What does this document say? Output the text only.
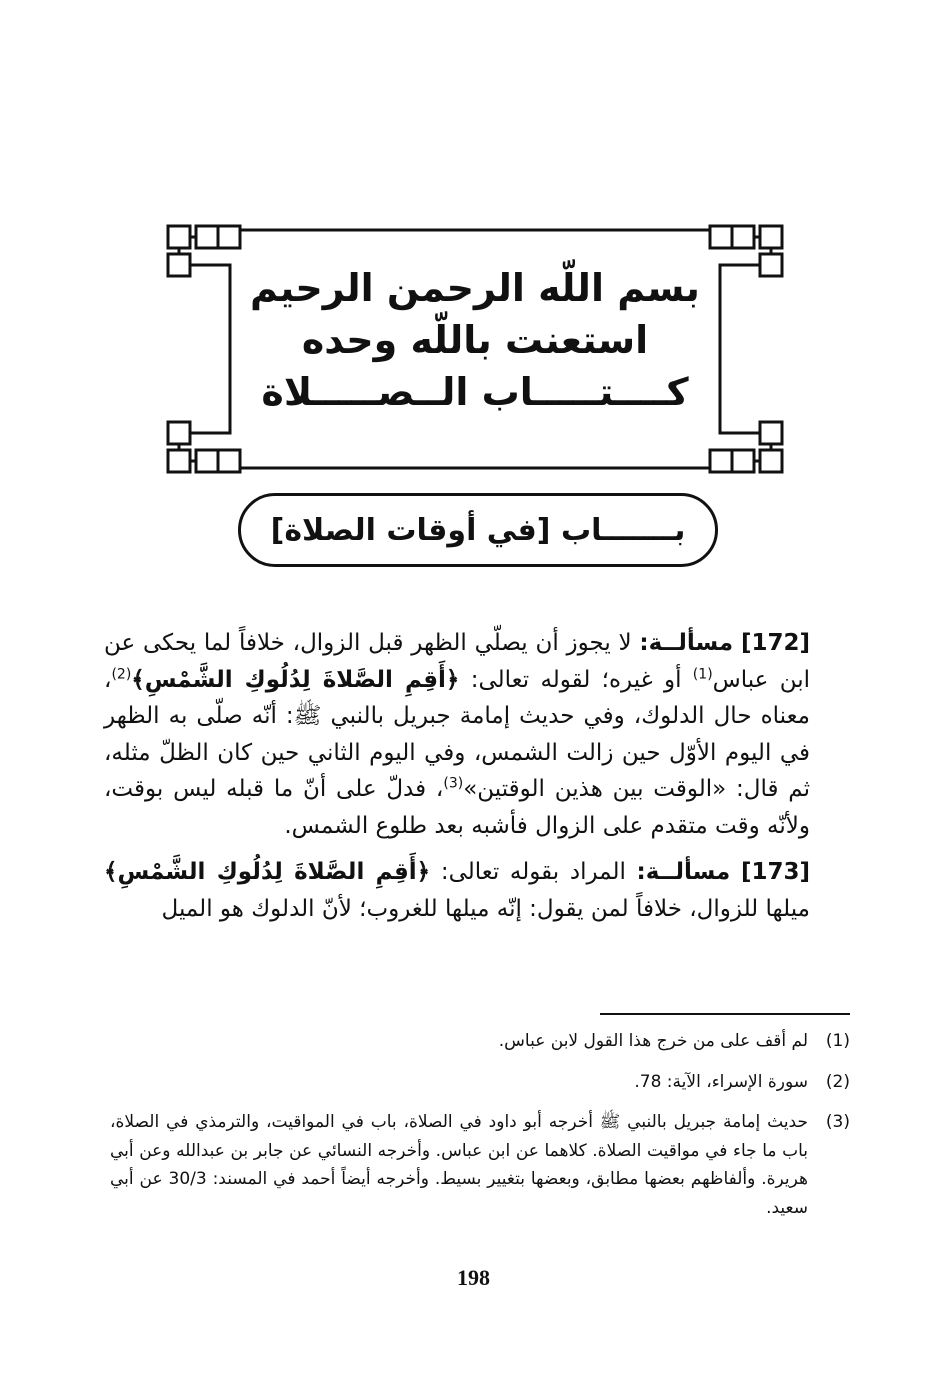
بسم اللّه الرحمن الرحيم
استعنت باللّه وحده
كــــتـــــاب الــصـــــلاة
بـــــــاب [في أوقات الصلاة]

[172] مسألــة: لا يجوز أن يصلّي الظهر قبل الزوال، خلافاً لما يحكى عن ابن عباس$^{(1)}$ أو غيره؛ لقوله تعالى: ﴿أَقِمِ الصَّلاةَ لِدُلُوكِ الشَّمْسِ﴾$^{(2)}$، معناه حال الدلوك، وفي حديث إمامة جبريل بالنبي ﷺ: أنّه صلّى به الظهر في اليوم الأوّل حين زالت الشمس، وفي اليوم الثاني حين كان الظلّ مثله، ثم قال: «الوقت بين هذين الوقتين»$^{(3)}$، فدلّ على أنّ ما قبله ليس بوقت، ولأنّه وقت متقدم على الزوال فأشبه بعد طلوع الشمس.

[173] مسألــة: المراد بقوله تعالى: ﴿أَقِمِ الصَّلاةَ لِدُلُوكِ الشَّمْسِ﴾ ميلها للزوال، خلافاً لمن يقول: إنّه ميلها للغروب؛ لأنّ الدلوك هو الميل

(1)
لم أقف على من خرج هذا القول لابن عباس.
(2)
سورة الإسراء، الآية: 78.
(3)
حديث إمامة جبريل بالنبي ﷺ أخرجه أبو داود في الصلاة، باب في المواقيت، والترمذي في الصلاة، باب ما جاء في مواقيت الصلاة. كلاهما عن ابن عباس. وأخرجه النسائي عن جابر بن عبدالله وعن أبي هريرة. وألفاظهم بعضها مطابق، وبعضها بتغيير بسيط. وأخرجه أيضاً أحمد في المسند: 30/3 عن أبي سعيد.
198
